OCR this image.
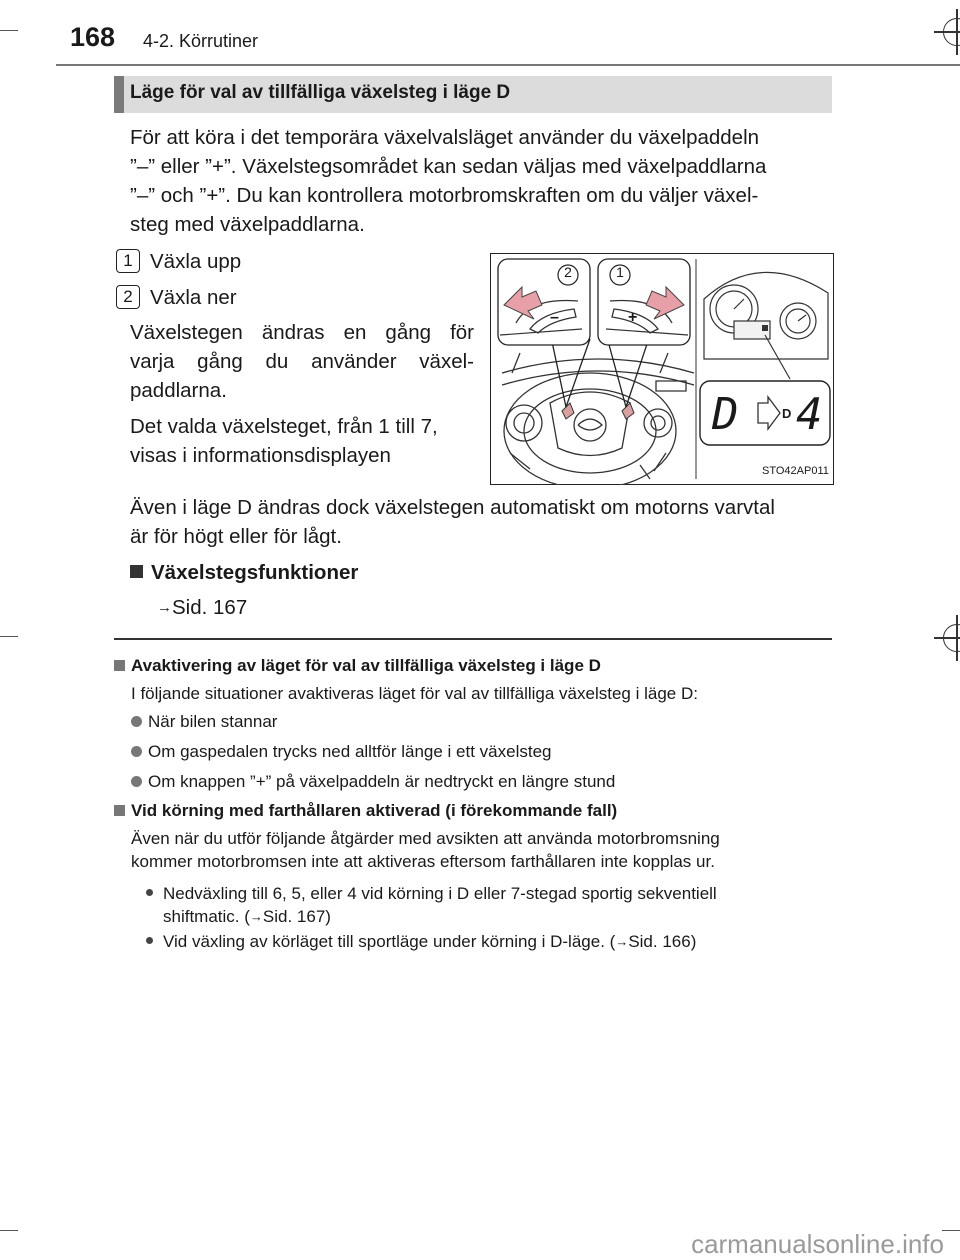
168 4-2. Körrutiner
Läge för val av tillfälliga växelsteg i läge D
För att köra i det temporära växelvalsläget använder du växelpaddeln
”–” eller ”+”. Växelstegsområdet kan sedan väljas med växelpaddlarna
”–” och ”+”. Du kan kontrollera motorbromskraften om du väljer växel-
steg med växelpaddlarna.
1 Växla upp
2 Växla ner
Växelstegen ändras en gång för
varja gång du använder växel-
paddlarna.
Det valda växelsteget, från 1 till 7,
visas i informationsdisplayen
2	1
–	+
D	D 4
STO42AP011
Även i läge D ändras dock växelstegen automatiskt om motorns varvtal
är för högt eller för lågt.
Växelstegsfunktioner
→Sid. 167
Avaktivering av läget för val av tillfälliga växelsteg i läge D
I följande situationer avaktiveras läget för val av tillfälliga växelsteg i läge D:
När bilen stannar
Om gaspedalen trycks ned alltför länge i ett växelsteg
Om knappen ”+” på växelpaddeln är nedtryckt en längre stund
Vid körning med farthållaren aktiverad (i förekommande fall)
Även när du utför följande åtgärder med avsikten att använda motorbromsning
kommer motorbromsen inte att aktiveras eftersom farthållaren inte kopplas ur.
Nedväxling till 6, 5, eller 4 vid körning i D eller 7-stegad sportig sekventiell
shiftmatic. (→Sid. 167)
Vid växling av körläget till sportläge under körning i D-läge. (→Sid. 166)
carmanualsonline.info
